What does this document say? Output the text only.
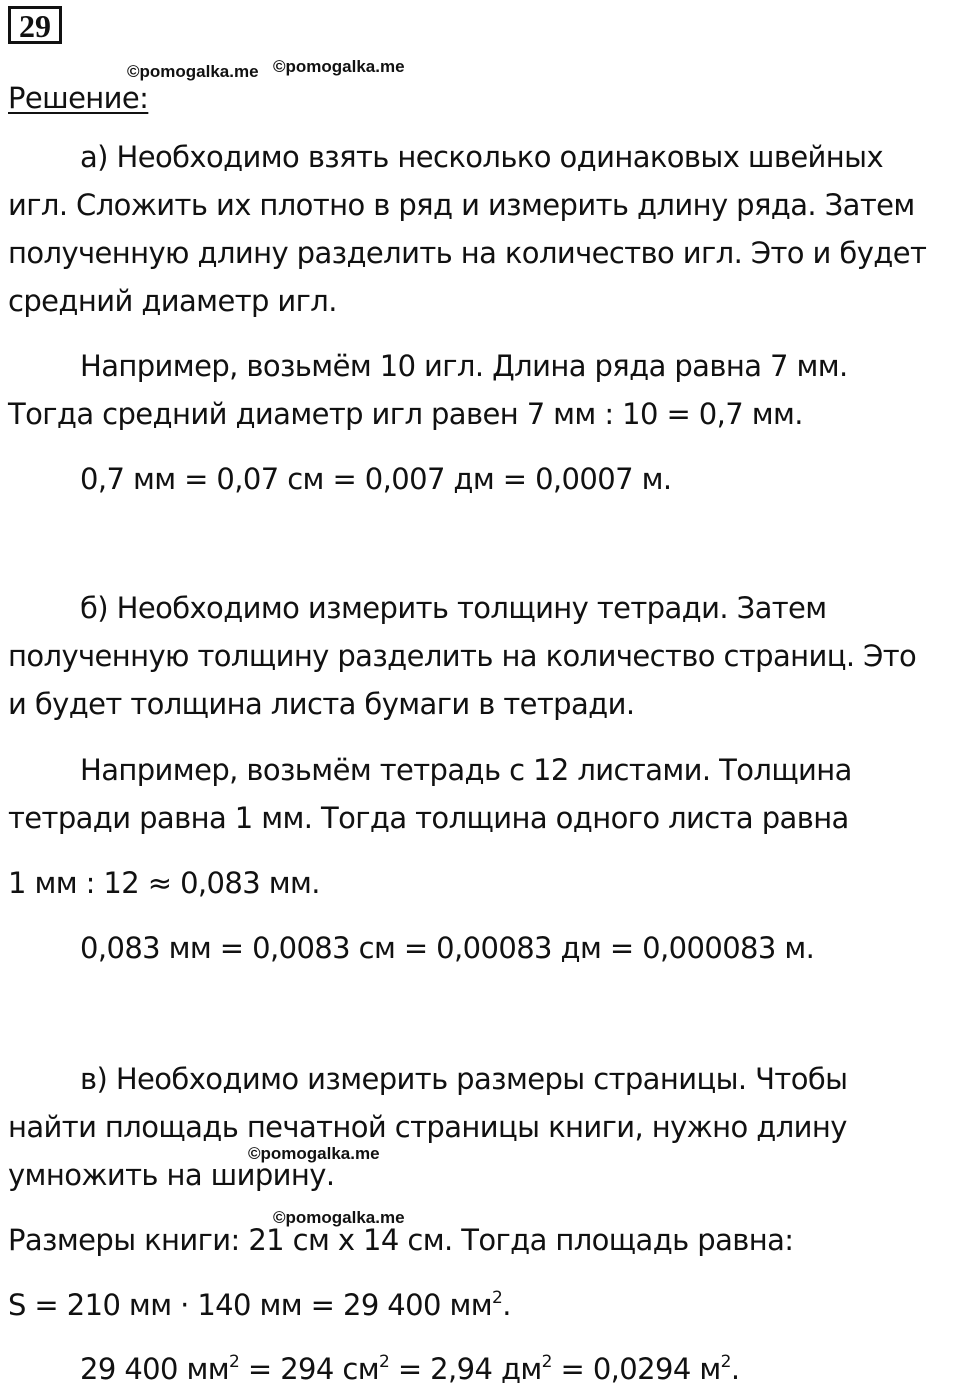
29
©pomogalka.me ©pomogalka.me
Решение:
а) Необходимо взять несколько одинаковых швейных
игл. Сложить их плотно в ряд и измерить длину ряда. Затем
полученную длину разделить на количество игл. Это и будет
средний диаметр игл.
Например, возьмём 10 игл. Длина ряда равна 7 мм.
Тогда средний диаметр игл равен 7 мм : 10 = 0,7 мм.
0,7 мм = 0,07 см = 0,007 дм = 0,0007 м.
б) Необходимо измерить толщину тетради. Затем
полученную толщину разделить на количество страниц. Это
и будет толщина листа бумаги в тетради.
Например, возьмём тетрадь с 12 листами. Толщина
тетради равна 1 мм. Тогда толщина одного листа равна
1 мм : 12 ≈ 0,083 мм.
0,083 мм = 0,0083 см = 0,00083 дм = 0,000083 м.
в) Необходимо измерить размеры страницы. Чтобы
найти площадь печатной страницы книги, нужно длину
умножить на ширину.
©pomogalka.me
©pomogalka.me
Размеры книги: 21 см х 14 см. Тогда площадь равна:
S = 210 мм · 140 мм = 29 400 $мм^2$.
29 400 $мм^2 = 294$ $см^2 = 2,94$ $дм^2 = 0,0294$ $м^2$.
